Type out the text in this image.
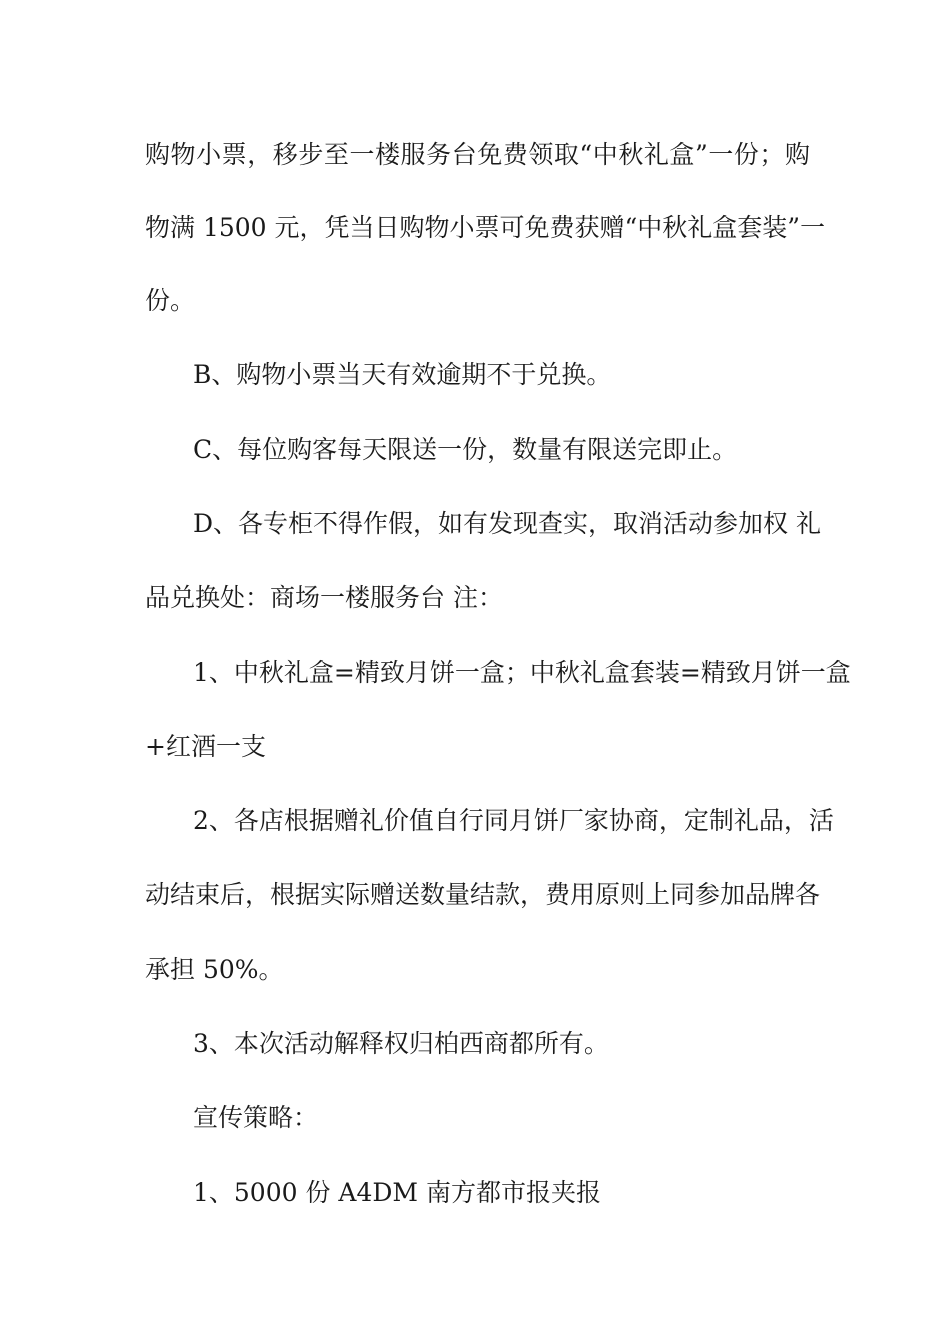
购物小票，移步至一楼服务台免费领取“中秋礼盒”一份；购
物满 1500 元，凭当日购物小票可免费获赠“中秋礼盒套装”一
份。
B、购物小票当天有效逾期不于兑换。
C、每位购客每天限送一份，数量有限送完即止。
D、各专柜不得作假，如有发现查实，取消活动参加权 礼
品兑换处：商场一楼服务台 注：
1、中秋礼盒=精致月饼一盒；中秋礼盒套装=精致月饼一盒
+红酒一支
2、各店根据赠礼价值自行同月饼厂家协商，定制礼品，活
动结束后，根据实际赠送数量结款，费用原则上同参加品牌各
承担 50%。
3、本次活动解释权归柏西商都所有。
宣传策略：
1、5000 份 A4DM 南方都市报夹报
